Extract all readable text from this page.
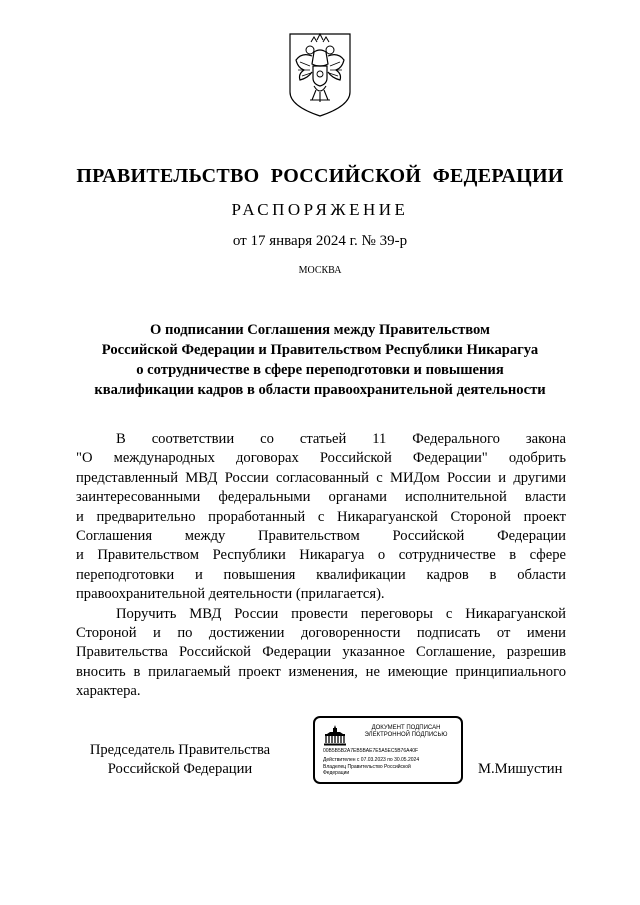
ПРАВИТЕЛЬСТВО РОССИЙСКОЙ ФЕДЕРАЦИИ
РАСПОРЯЖЕНИЕ
от 17 января 2024 г. № 39-р
МОСКВА
О подписании Соглашения между Правительством
Российской Федерации и Правительством Республики Никарагуа
о сотрудничестве в сфере переподготовки и повышения
квалификации кадров в области правоохранительной деятельности
В соответствии со статьей 11 Федерального закона
"О международных договорах Российской Федерации" одобрить
представленный МВД России согласованный с МИДом России и другими
заинтересованными федеральными органами исполнительной власти
и предварительно проработанный с Никарагуанской Стороной проект
Соглашения между Правительством Российской Федерации
и Правительством Республики Никарагуа о сотрудничестве в сфере
переподготовки и повышения квалификации кадров в области
правоохранительной деятельности (прилагается).
Поручить МВД России провести переговоры с Никарагуанской
Стороной и по достижении договоренности подписать от имени
Правительства Российской Федерации указанное Соглашение, разрешив
вносить в прилагаемый проект изменения, не имеющие принципиального
характера.
Председатель Правительства
Российской Федерации
ДОКУМЕНТ ПОДПИСАН
ЭЛЕКТРОННОЙ ПОДПИСЬЮ
00B5B5B2A7EB5BAE7E5A5EC5B76A40F
Действителен с 07.03.2023 по 30.05.2024
Владелец Правительство Российской
Федерации	М.Мишустин
